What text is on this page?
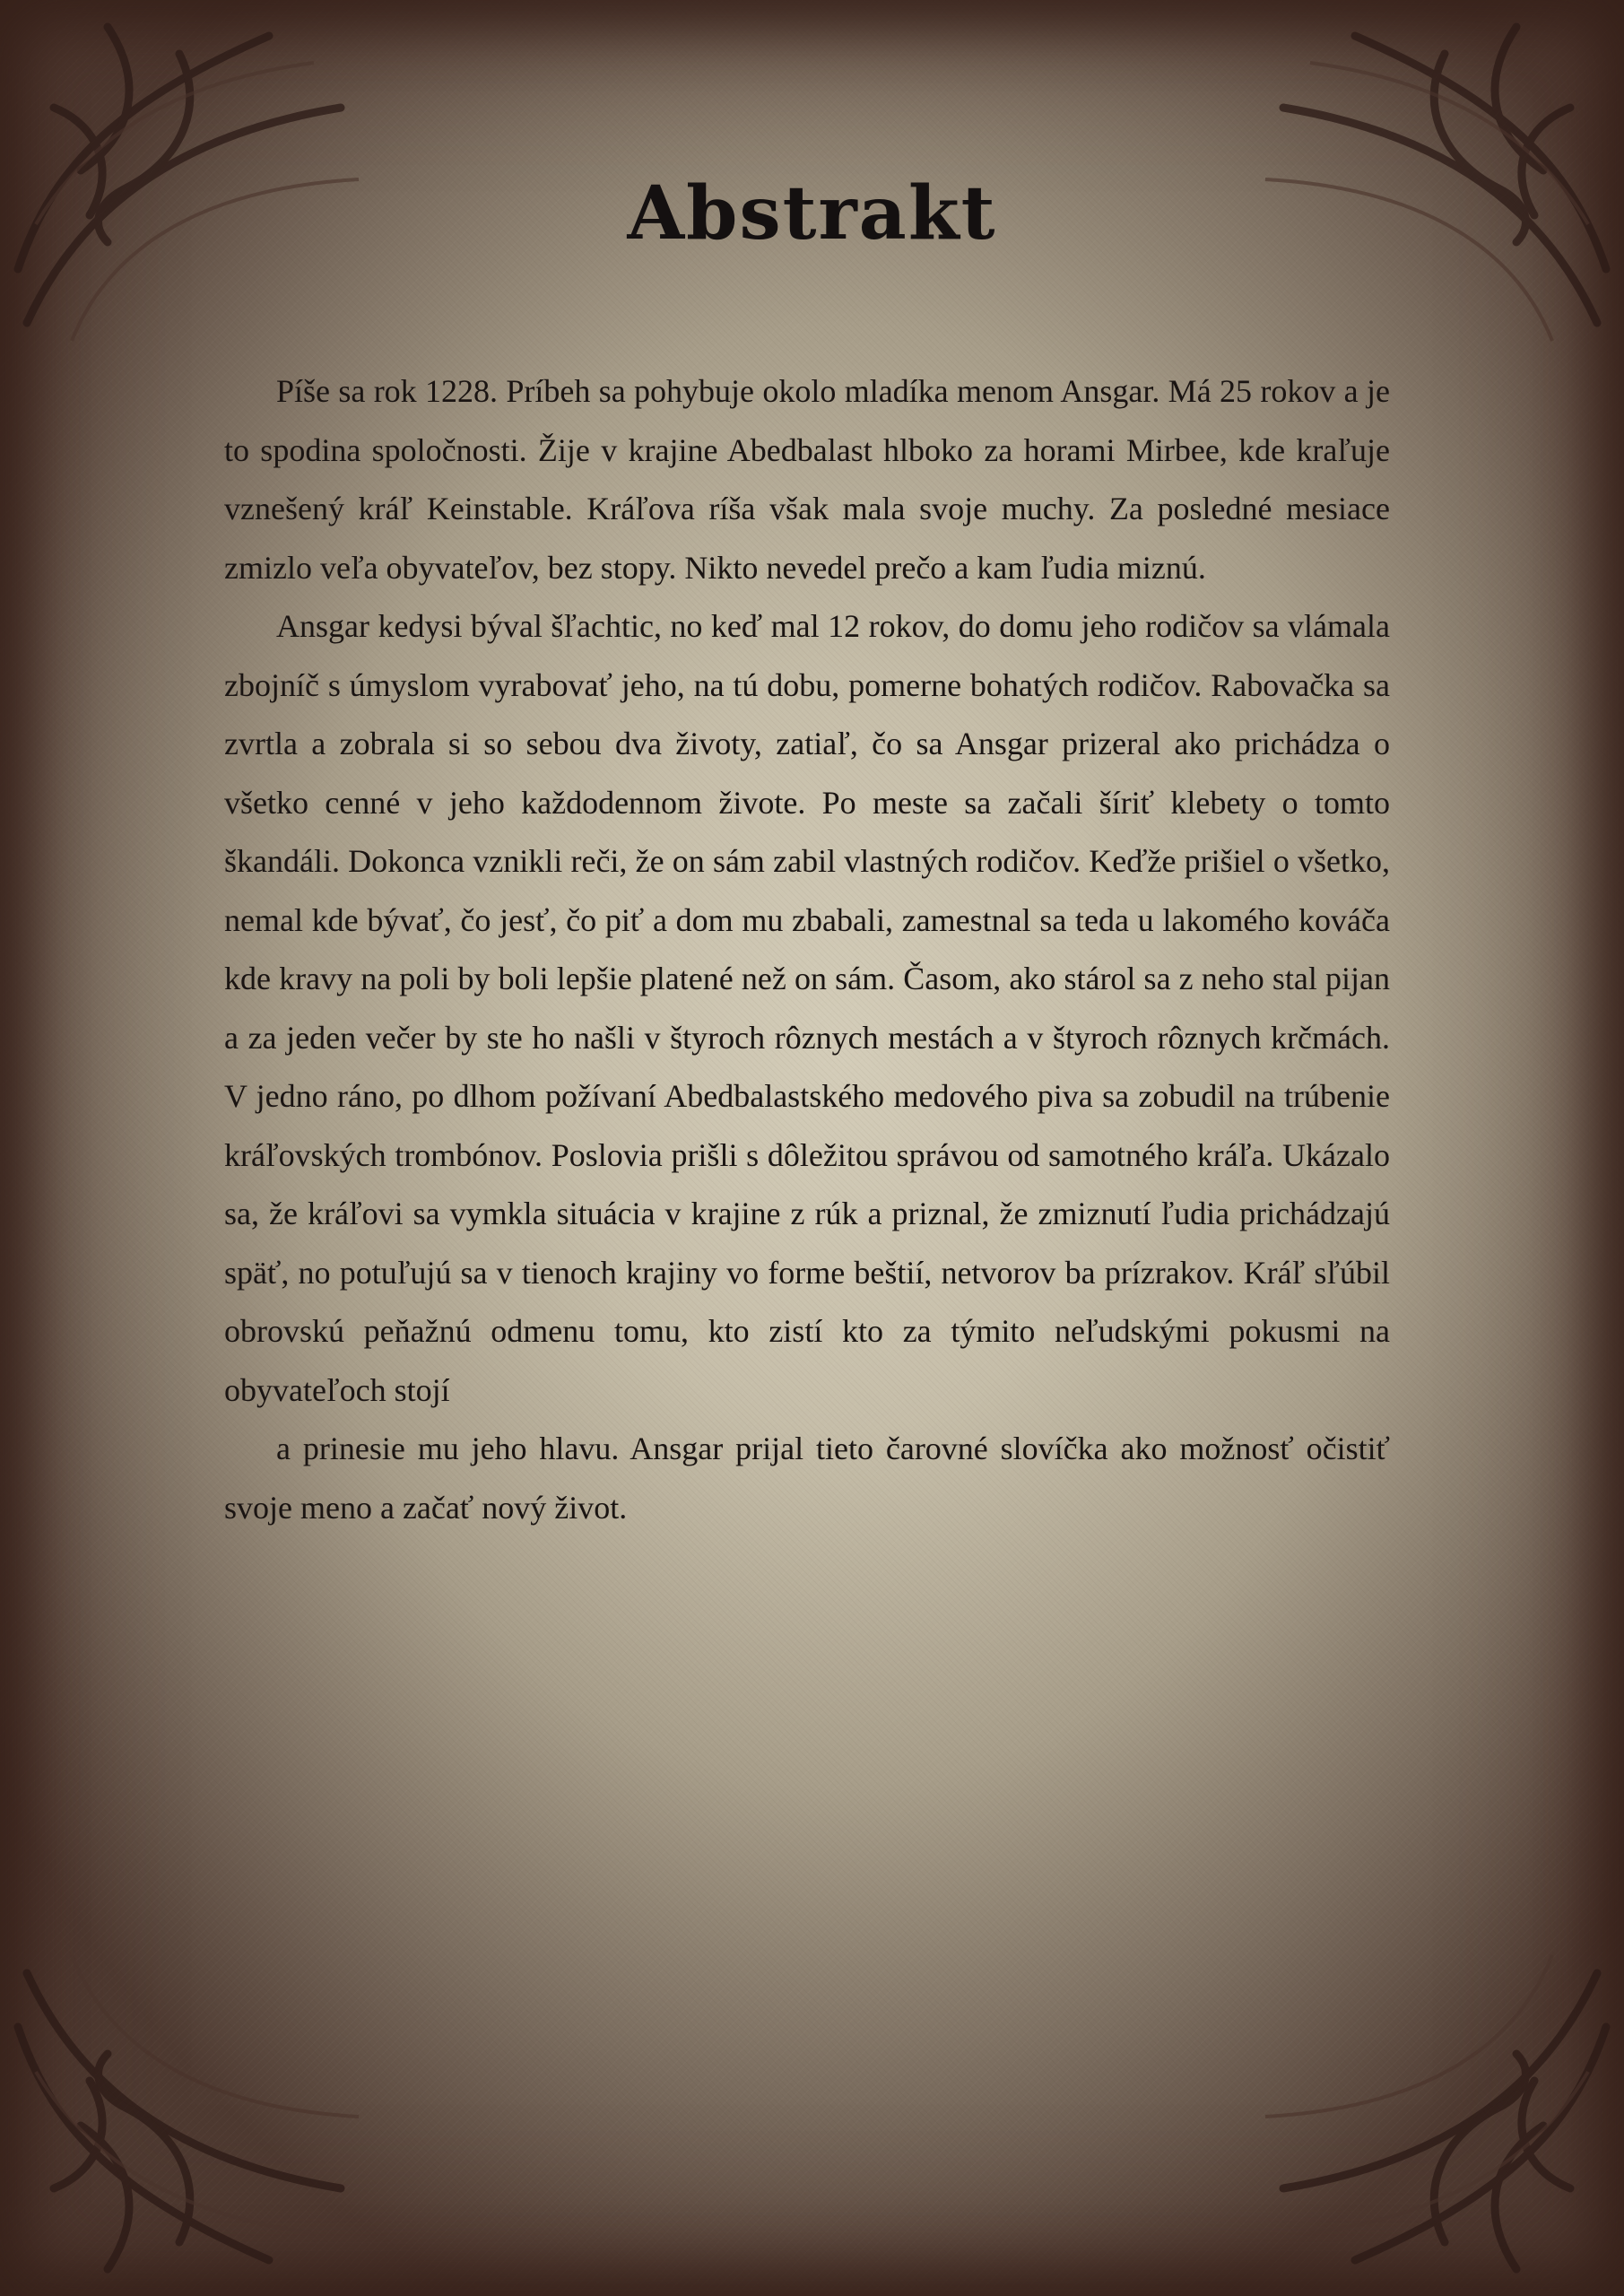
Abstrakt

Píše sa rok 1228. Príbeh sa pohybuje okolo mladíka menom Ansgar. Má 25 rokov a je to spodina spoločnosti. Žije v krajine Abedbalast hlboko za horami Mirbee, kde kraľuje vznešený kráľ Keinstable. Kráľova ríša však mala svoje muchy. Za posledné mesiace zmizlo veľa obyvateľov, bez stopy. Nikto nevedel prečo a kam ľudia miznú.

Ansgar kedysi býval šľachtic, no keď mal 12 rokov, do domu jeho rodičov sa vlámala zbojníč s úmyslom vyrabovať jeho, na tú dobu, pomerne bohatých rodičov. Rabovačka sa zvrtla a zobrala si so sebou dva životy, zatiaľ, čo sa Ansgar prizeral ako prichádza o všetko cenné v jeho každodennom živote. Po meste sa začali šíriť klebety o tomto škandáli. Dokonca vznikli reči, že on sám zabil vlastných rodičov. Keďže prišiel o všetko, nemal kde bývať, čo jesť, čo piť a dom mu zbabali, zamestnal sa teda u lakomého kováča kde kravy na poli by boli lepšie platené než on sám. Časom, ako stárol sa z neho stal pijan a za jeden večer by ste ho našli v štyroch rôznych mestách a v štyroch rôznych krčmách. V jedno ráno, po dlhom požívaní Abedbalastského medového piva sa zobudil na trúbenie kráľovských trombónov. Poslovia prišli s dôležitou správou od samotného kráľa. Ukázalo sa, že kráľovi sa vymkla situácia v krajine z rúk a priznal, že zmiznutí ľudia prichádzajú späť, no potuľujú sa v tienoch krajiny vo forme beštií, netvorov ba prízrakov. Kráľ sľúbil obrovskú peňažnú odmenu tomu, kto zistí kto za týmito neľudskými pokusmi na obyvateľoch stojí

a prinesie mu jeho hlavu. Ansgar prijal tieto čarovné slovíčka ako možnosť očistiť svoje meno a začať nový život.
